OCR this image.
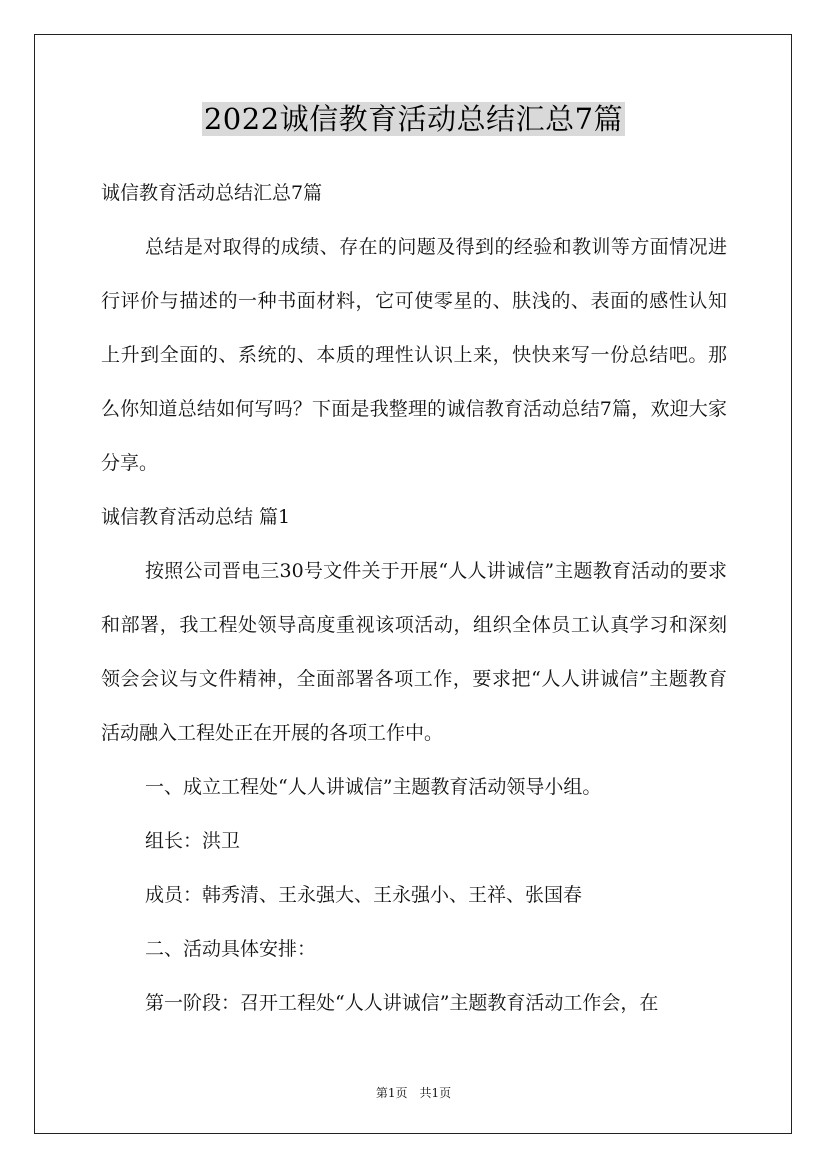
2022诚信教育活动总结汇总7篇
诚信教育活动总结汇总7篇

总结是对取得的成绩、存在的问题及得到的经验和教训等方面情况进行评价与描述的一种书面材料，它可使零星的、肤浅的、表面的感性认知上升到全面的、系统的、本质的理性认识上来，快快来写一份总结吧。那么你知道总结如何写吗？下面是我整理的诚信教育活动总结7篇，欢迎大家分享。

诚信教育活动总结 篇1

按照公司晋电三30号文件关于开展“人人讲诚信”主题教育活动的要求和部署，我工程处领导高度重视该项活动，组织全体员工认真学习和深刻领会会议与文件精神，全面部署各项工作，要求把“人人讲诚信”主题教育活动融入工程处正在开展的各项工作中。

一、成立工程处“人人讲诚信”主题教育活动领导小组。
组长：洪卫
成员：韩秀清、王永强大、王永强小、王祥、张国春
二、活动具体安排：
第一阶段：召开工程处“人人讲诚信”主题教育活动工作会，在
第1页　共1页
